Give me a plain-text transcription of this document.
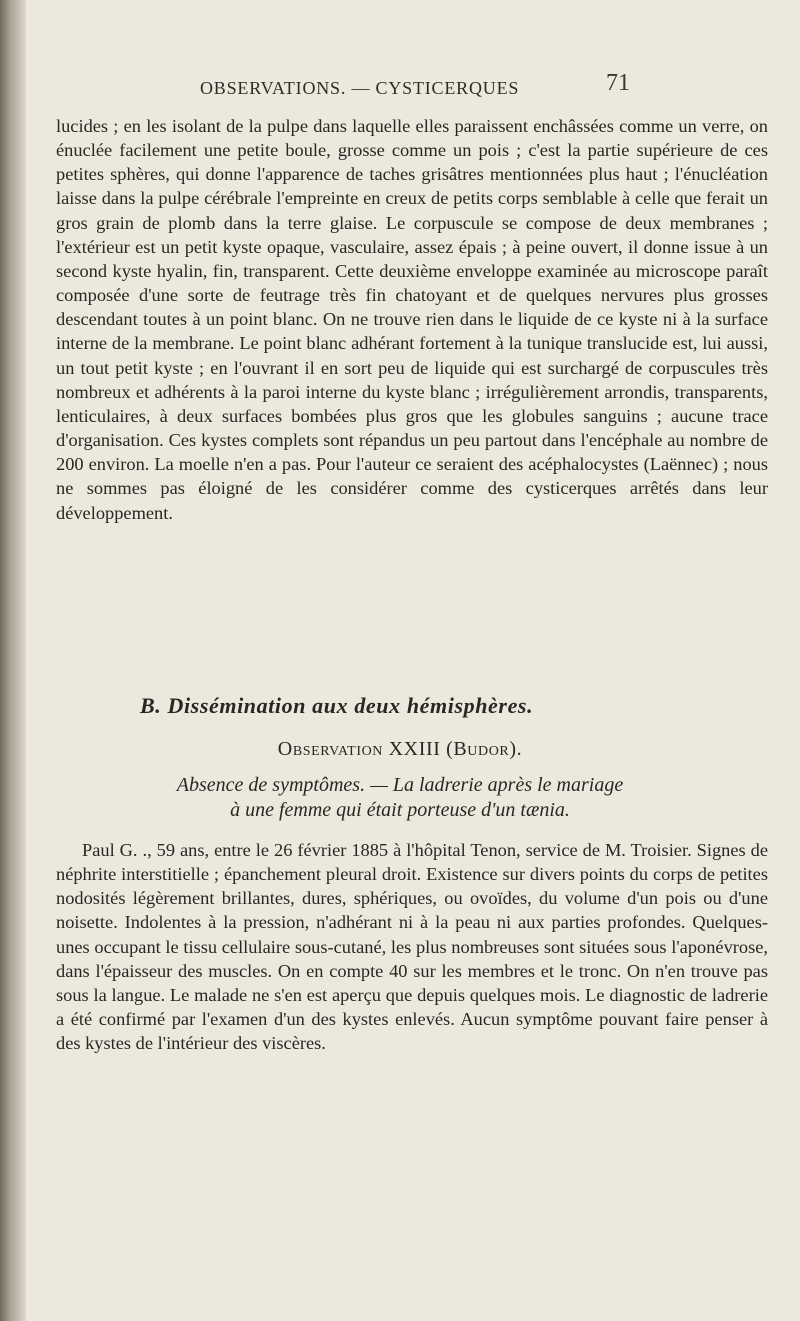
OBSERVATIONS. — CYSTICERQUES	71

lucides ; en les isolant de la pulpe dans laquelle elles paraissent enchâssées comme un verre, on énuclée facilement une petite boule, grosse comme un pois ; c'est la partie supérieure de ces petites sphères, qui donne l'apparence de taches grisâtres mentionnées plus haut ; l'énucléation laisse dans la pulpe cérébrale l'empreinte en creux de petits corps semblable à celle que ferait un gros grain de plomb dans la terre glaise. Le corpuscule se compose de deux membranes ; l'extérieur est un petit kyste opaque, vasculaire, assez épais ; à peine ouvert, il donne issue à un second kyste hyalin, fin, transparent. Cette deuxième enveloppe examinée au microscope paraît composée d'une sorte de feutrage très fin chatoyant et de quelques nervures plus grosses descendant toutes à un point blanc. On ne trouve rien dans le liquide de ce kyste ni à la surface interne de la membrane. Le point blanc adhérant fortement à la tunique translucide est, lui aussi, un tout petit kyste ; en l'ouvrant il en sort peu de liquide qui est surchargé de corpuscules très nombreux et adhérents à la paroi interne du kyste blanc ; irrégulièrement arrondis, transparents, lenticulaires, à deux surfaces bombées plus gros que les globules sanguins ; aucune trace d'organisation. Ces kystes complets sont répandus un peu partout dans l'encéphale au nombre de 200 environ. La moelle n'en a pas. Pour l'auteur ce seraient des acéphalocystes (Laënnec) ; nous ne sommes pas éloigné de les considérer comme des cysticerques arrêtés dans leur développement.

B. Dissémination aux deux hémisphères.
Observation XXIII (Budor).
Absence de symptômes. — La ladrerie après le mariage
à une femme qui était porteuse d'un tænia.

Paul G. ., 59 ans, entre le 26 février 1885 à l'hôpital Tenon, service de M. Troisier. Signes de néphrite interstitielle ; épanchement pleural droit. Existence sur divers points du corps de petites nodosités légèrement brillantes, dures, sphériques, ou ovoïdes, du volume d'un pois ou d'une noisette. Indolentes à la pression, n'adhérant ni à la peau ni aux parties profondes. Quelques-unes occupant le tissu cellulaire sous-cutané, les plus nombreuses sont situées sous l'aponévrose, dans l'épaisseur des muscles. On en compte 40 sur les membres et le tronc. On n'en trouve pas sous la langue. Le malade ne s'en est aperçu que depuis quelques mois. Le diagnostic de ladrerie a été confirmé par l'examen d'un des kystes enlevés. Aucun symptôme pouvant faire penser à des kystes de l'intérieur des viscères.
